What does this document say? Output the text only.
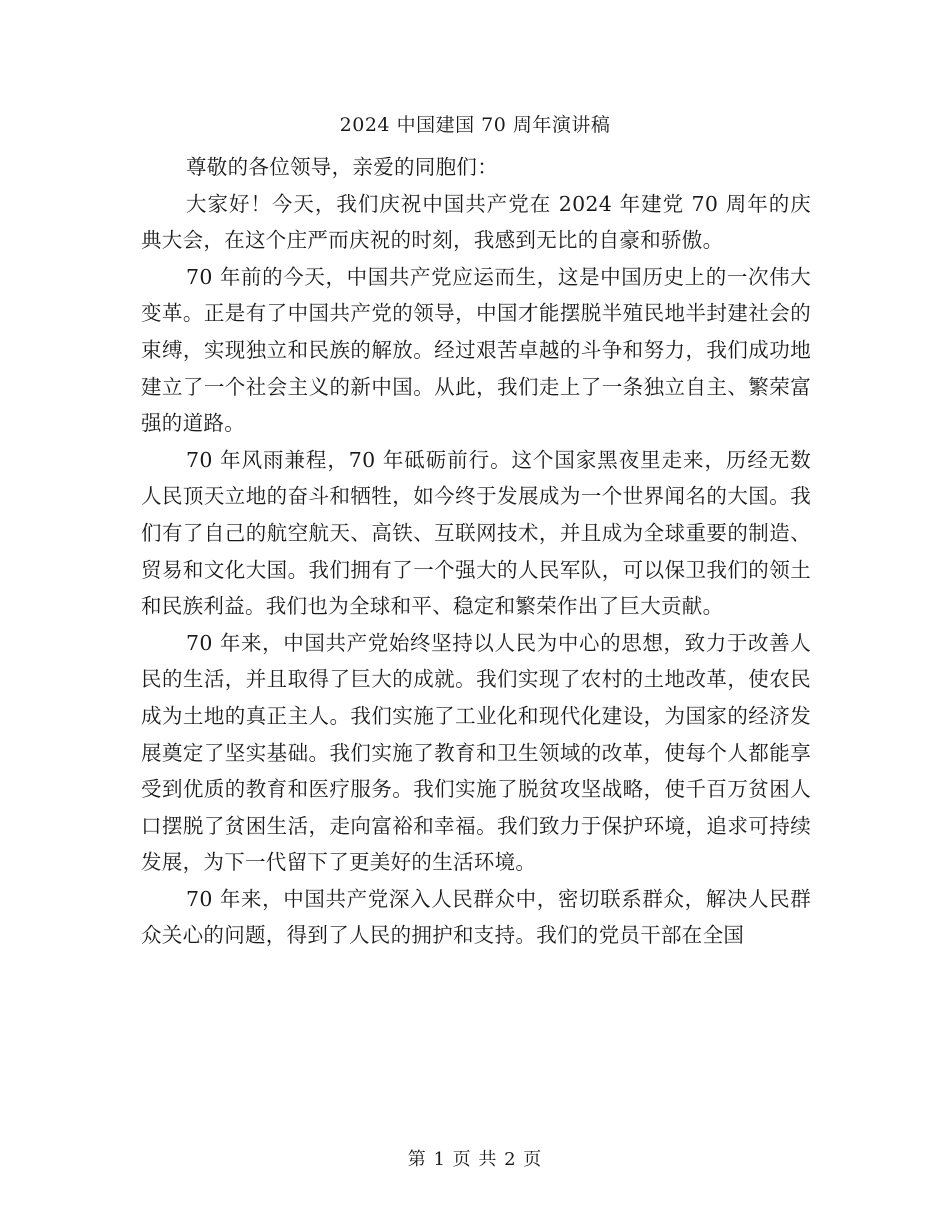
2024 中国建国 70 周年演讲稿

尊敬的各位领导，亲爱的同胞们：

大家好！今天，我们庆祝中国共产党在 2024 年建党 70 周年的庆典大会，在这个庄严而庆祝的时刻，我感到无比的自豪和骄傲。

70 年前的今天，中国共产党应运而生，这是中国历史上的一次伟大变革。正是有了中国共产党的领导，中国才能摆脱半殖民地半封建社会的束缚，实现独立和民族的解放。经过艰苦卓越的斗争和努力，我们成功地建立了一个社会主义的新中国。从此，我们走上了一条独立自主、繁荣富强的道路。

70 年风雨兼程，70 年砥砺前行。这个国家黑夜里走来，历经无数人民顶天立地的奋斗和牺牲，如今终于发展成为一个世界闻名的大国。我们有了自己的航空航天、高铁、互联网技术，并且成为全球重要的制造、贸易和文化大国。我们拥有了一个强大的人民军队，可以保卫我们的领土和民族利益。我们也为全球和平、稳定和繁荣作出了巨大贡献。

70 年来，中国共产党始终坚持以人民为中心的思想，致力于改善人民的生活，并且取得了巨大的成就。我们实现了农村的土地改革，使农民成为土地的真正主人。我们实施了工业化和现代化建设，为国家的经济发展奠定了坚实基础。我们实施了教育和卫生领域的改革，使每个人都能享受到优质的教育和医疗服务。我们实施了脱贫攻坚战略，使千百万贫困人口摆脱了贫困生活，走向富裕和幸福。我们致力于保护环境，追求可持续发展，为下一代留下了更美好的生活环境。

70 年来，中国共产党深入人民群众中，密切联系群众，解决人民群众关心的问题，得到了人民的拥护和支持。我们的党员干部在全国

第 1 页 共 2 页
